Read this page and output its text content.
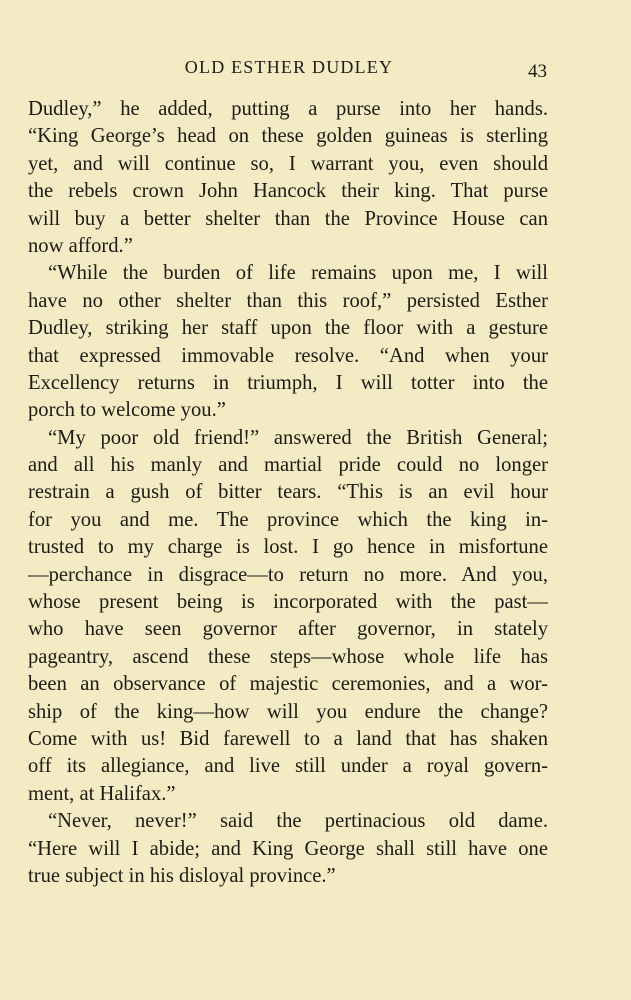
OLD ESTHER DUDLEY	43
Dudley,” he added, putting a purse into her hands.
“King George’s head on these golden guineas is sterling
yet, and will continue so, I warrant you, even should
the rebels crown John Hancock their king. That purse
will buy a better shelter than the Province House can
now afford.”
“While the burden of life remains upon me, I will
have no other shelter than this roof,” persisted Esther
Dudley, striking her staff upon the floor with a gesture
that expressed immovable resolve. “And when your
Excellency returns in triumph, I will totter into the
porch to welcome you.”
“My poor old friend!” answered the British General;
and all his manly and martial pride could no longer
restrain a gush of bitter tears. “This is an evil hour
for you and me. The province which the king in-
trusted to my charge is lost. I go hence in misfortune
—perchance in disgrace—to return no more. And you,
whose present being is incorporated with the past—
who have seen governor after governor, in stately
pageantry, ascend these steps—whose whole life has
been an observance of majestic ceremonies, and a wor-
ship of the king—how will you endure the change?
Come with us! Bid farewell to a land that has shaken
off its allegiance, and live still under a royal govern-
ment, at Halifax.”
“Never, never!” said the pertinacious old dame.
“Here will I abide; and King George shall still have one
true subject in his disloyal province.”
